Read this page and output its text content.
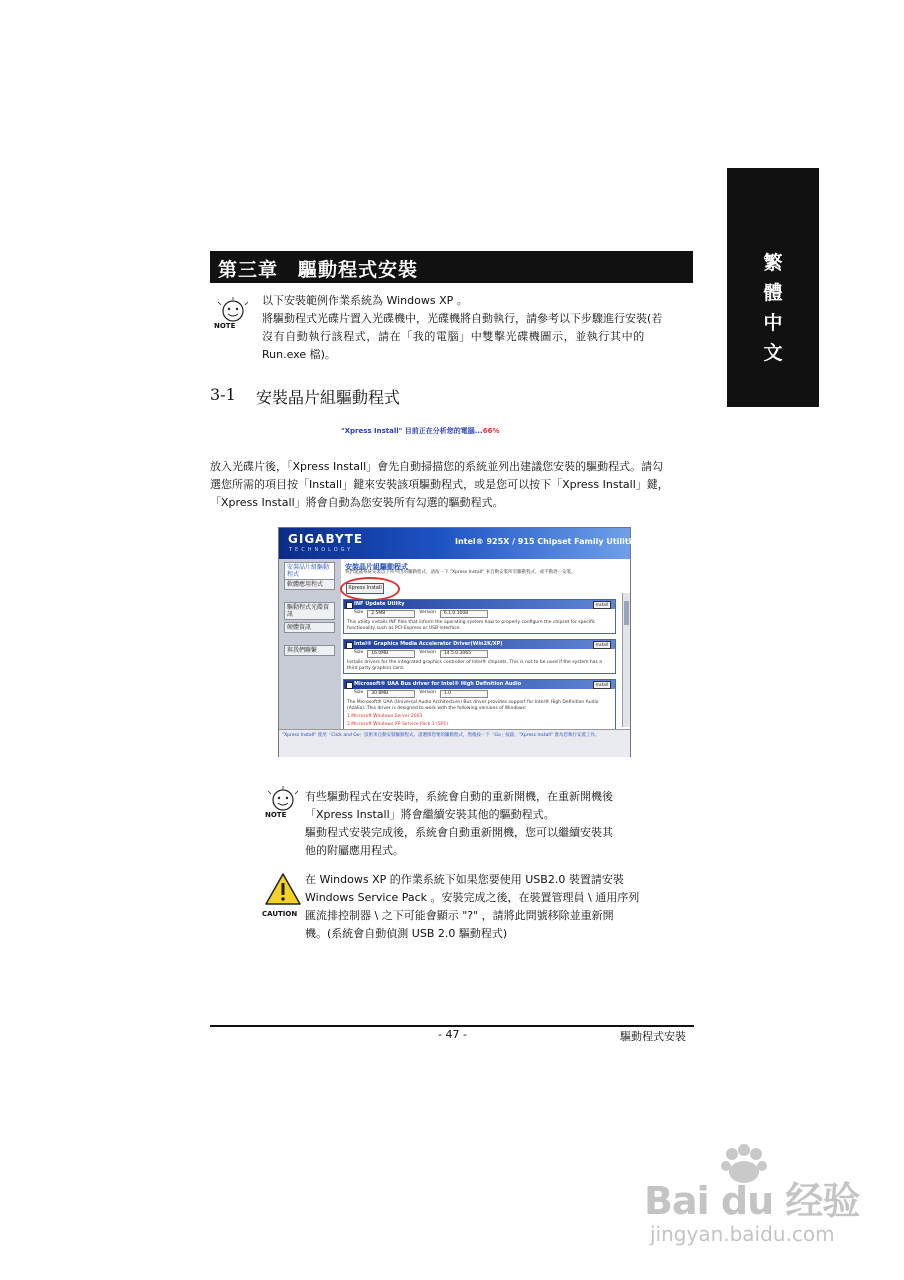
繁
體
中
文
第三章　驅動程式安裝
NOTE
以下安裝範例作業系統為 Windows XP 。
將驅動程式光碟片置入光碟機中，光碟機將自動執行，請參考以下步驟進行安裝(若
沒有自動執行該程式，請在「我的電腦」中雙擊光碟機圖示，並執行其中的
Run.exe 檔)。
3-1 安裝晶片組驅動程式
"Xpress Install" 目前正在分析您的電腦...66%
放入光碟片後，「Xpress Install」會先自動掃描您的系統並列出建議您安裝的驅動程式。請勾
選您所需的項目按「Install」鍵來安裝該項驅動程式，或是您可以按下「Xpress Install」鍵，
「Xpress Install」將會自動為您安裝所有勾選的驅動程式。
GIGABYTE
TECHNOLOGY
Intel® 925X / 915 Chipset Family Utilities CD
安裝晶片組驅動程式
軟體應用程式
驅動程式光碟資訊
硬體資訊
與我們聯繫
安裝晶片組驅動程式
我們建議系統安裝以下所列出的驅動程式，請按一下 "Xpress Install" 來自動安裝所有驅動程式，或手動逐一安裝。
Xpress Install
INF Update Utility	Install
Size	2.5MB	Version	6.1.0.1008
This utility installs INF files that inform the operating system how to properly configure the chipset for specific functionality such as PCI-Express or USB interface.
Intel® Graphics Media Accelerator Driver(Win2K/XP)	Install
Size	16.0MB	Version	14.5.0.3065
Installs drivers for the integrated graphics controller of Intel® chipsets. This is not to be used if the system has a third party graphics card.
Microsoft® UAA Bus driver for Intel® High Definition Audio	Install
Size	30.8MB	Version	1.0
The Microsoft® UAA (Universal Audio Architecture) Bus driver provides support for Intel® High Definition Audio (Azalia). This driver is designed to work with the following versions of Windows:
1.Microsoft Windows Server 2003
2.Microsoft Windows XP Service Pack 1 (SP1)
"Xpress Install" 使用「Click and Go」技術來自動安裝驅動程式。請選擇您要的驅動程式，然後按一下「Go」按鈕，"Xpress Install" 會為您執行安裝工作。
NOTE
有些驅動程式在安裝時，系統會自動的重新開機，在重新開機後
「Xpress Install」將會繼續安裝其他的驅動程式。
驅動程式安裝完成後，系統會自動重新開機，您可以繼續安裝其
他的附屬應用程式。
CAUTION
在 Windows XP 的作業系統下如果您要使用 USB2.0 裝置請安裝
Windows Service Pack 。安裝完成之後，在裝置管理員 \ 通用序列
匯流排控制器 \ 之下可能會顯示 "?" ，請將此問號移除並重新開
機。(系統會自動偵測 USB 2.0 驅動程式)
- 47 -	驅動程式安裝
Bai du 经验
jingyan.baidu.com
